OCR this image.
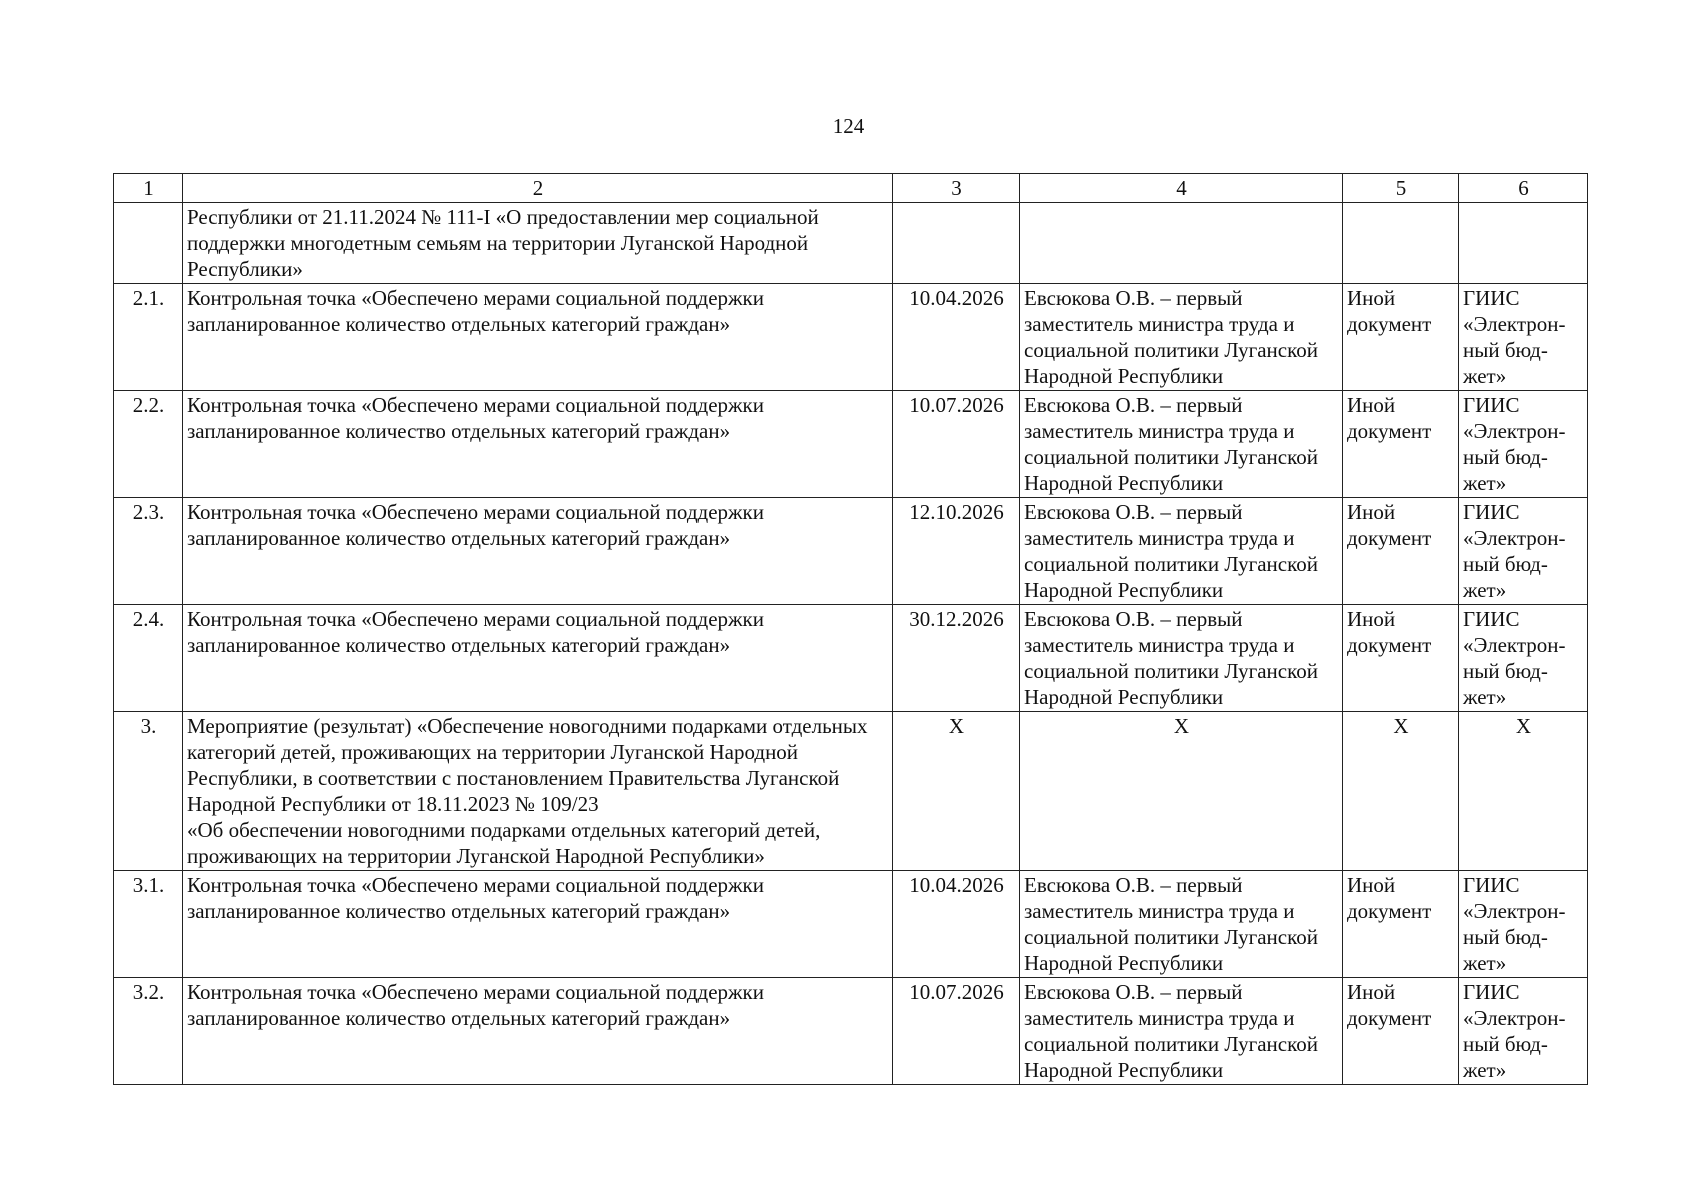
124
1	2	3	4	5	6
	Республики от 21.11.2024 № 111-I «О предоставлении мер социальной поддержки многодетным семьям на территории Луганской Народной Республики»				
2.1.	Контрольная точка «Обеспечено мерами социальной поддержки запланированное количество отдельных категорий граждан»	10.04.2026	Евсюкова О.В. – первый заместитель министра труда и социальной политики Луганской Народной Республики	Иной документ	ГИИС «Электрон-ный бюд-жет»
2.2.	Контрольная точка «Обеспечено мерами социальной поддержки запланированное количество отдельных категорий граждан»	10.07.2026	Евсюкова О.В. – первый заместитель министра труда и социальной политики Луганской Народной Республики	Иной документ	ГИИС «Электрон-ный бюд-жет»
2.3.	Контрольная точка «Обеспечено мерами социальной поддержки запланированное количество отдельных категорий граждан»	12.10.2026	Евсюкова О.В. – первый заместитель министра труда и социальной политики Луганской Народной Республики	Иной документ	ГИИС «Электрон-ный бюд-жет»
2.4.	Контрольная точка «Обеспечено мерами социальной поддержки запланированное количество отдельных категорий граждан»	30.12.2026	Евсюкова О.В. – первый заместитель министра труда и социальной политики Луганской Народной Республики	Иной документ	ГИИС «Электрон-ный бюд-жет»
3.	Мероприятие (результат) «Обеспечение новогодними подарками отдельных категорий детей, проживающих на территории Луганской Народной Республики, в соответствии с постановлением Правительства Луганской Народной Республики от 18.11.2023 № 109/23
«Об обеспечении новогодними подарками отдельных категорий детей, проживающих на территории Луганской Народной Республики»	Х	Х	Х	Х
3.1.	Контрольная точка «Обеспечено мерами социальной поддержки запланированное количество отдельных категорий граждан»	10.04.2026	Евсюкова О.В. – первый заместитель министра труда и социальной политики Луганской Народной Республики	Иной документ	ГИИС «Электрон-ный бюд-жет»
3.2.	Контрольная точка «Обеспечено мерами социальной поддержки запланированное количество отдельных категорий граждан»	10.07.2026	Евсюкова О.В. – первый заместитель министра труда и социальной политики Луганской Народной Республики	Иной документ	ГИИС «Электрон-ный бюд-жет»
